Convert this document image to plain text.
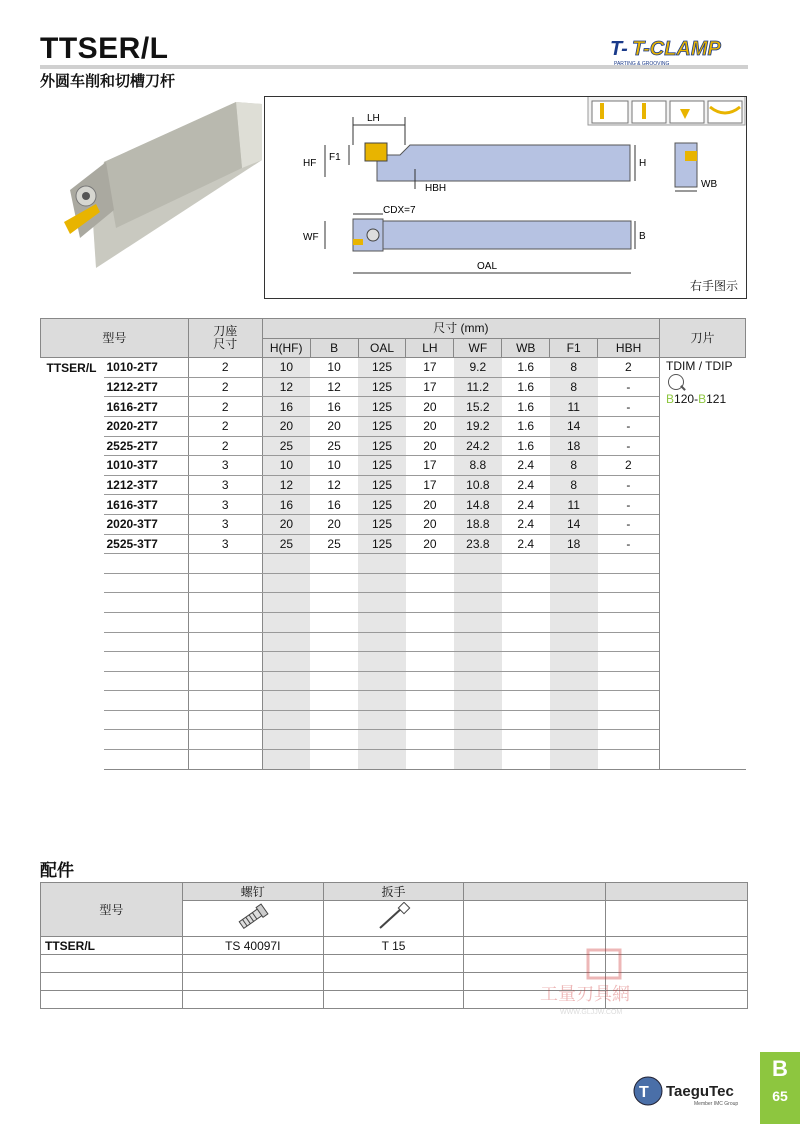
TTSER/L
外圆车削和切槽刀杆
T- T-CLAMP
PARTING & GROOVING
LH
HF
F1
H
HBH	WB
CDX=7
WF	B
OAL
右手图示
型号		刀座
尺寸	尺寸 (mm)								刀片
			H(HF)	B	OAL	LH	WF	WB	F1	HBH	
TTSER/L	1010-2T7	2	10	10	125	17	9.2	1.6	8	2	TDIM / TDIP
B120-B121

	1212-2T7	2	12	12	125	17	11.2	1.6	8	-	
	1616-2T7	2	16	16	125	20	15.2	1.6	11	-	
	2020-2T7	2	20	20	125	20	19.2	1.6	14	-	
	2525-2T7	2	25	25	125	20	24.2	1.6	18	-	
	1010-3T7	3	10	10	125	17	8.8	2.4	8	2	
	1212-3T7	3	12	12	125	17	10.8	2.4	8	-	
	1616-3T7	3	16	16	125	20	14.8	2.4	11	-	
	2020-3T7	3	20	20	125	20	18.8	2.4	14	-	
	2525-3T7	3	25	25	125	20	23.8	2.4	18	-	

配件
型号	螺钉	扳手		

TTSER/L	TS 40097I	T 15		

工量刃具網
WWW.GLJJW.COM
T TaeguTec
Member IMC Group
B
65
